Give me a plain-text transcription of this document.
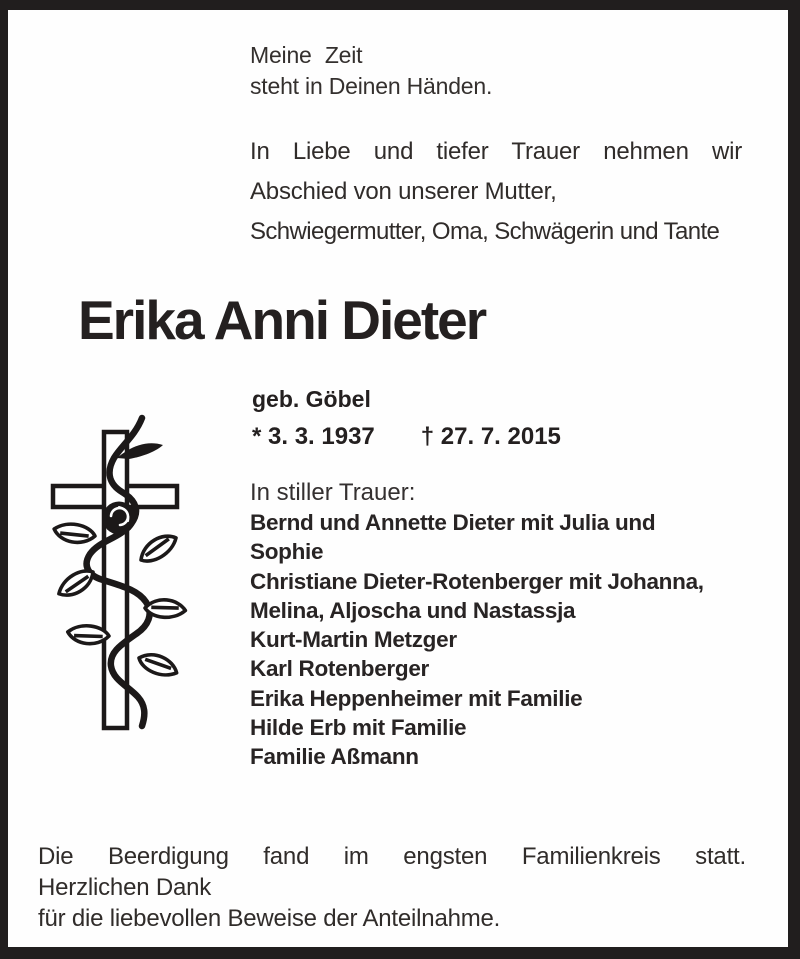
Meine Zeit
steht in Deinen Händen.
In Liebe und tiefer Trauer nehmen wir
Abschied von unserer Mutter,
Schwiegermutter, Oma, Schwägerin und Tante
Erika Anni Dieter
geb. Göbel
* 3. 3. 1937 † 27. 7. 2015
In stiller Trauer:
Bernd und Annette Dieter mit Julia und
Sophie
Christiane Dieter-Rotenberger mit Johanna,
Melina, Aljoscha und Nastassja
Kurt-Martin Metzger
Karl Rotenberger
Erika Heppenheimer mit Familie
Hilde Erb mit Familie
Familie Aßmann
Die Beerdigung fand im engsten Familienkreis statt.
Herzlichen Dank
für die liebevollen Beweise der Anteilnahme.
